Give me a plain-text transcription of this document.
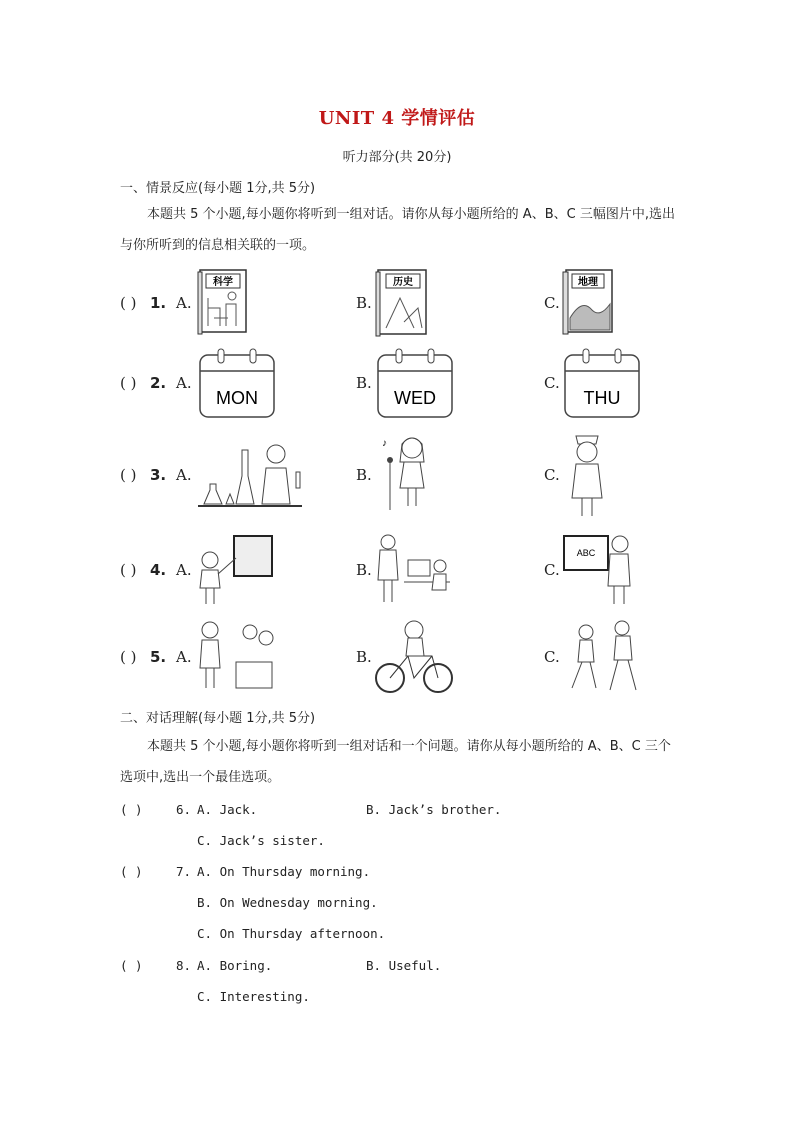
UNIT 4 学情评估
听力部分(共 20分)
一、情景反应(每小题 1分,共 5分)
本题共 5 个小题,每小题你将听到一组对话。请你从每小题所给的 A、B、C 三幅图片中,选出与你所听到的信息相关联的一项。
( ) 1. A.	B.	C.
科学	历史	地理
( ) 2. A.	B.	C.
MON	WED	THU
( ) 3. A.	B.	C.
♪
( ) 4. A.	B.	C.
ABC
( ) 5. A.	B.	C.
二、对话理解(每小题 1分,共 5分)
本题共 5 个小题,每小题你将听到一组对话和一个问题。请你从每小题所给的 A、B、C 三个选项中,选出一个最佳选项。
( )	6. A. Jack.	B. Jack’s brother.
C. Jack’s sister.
( )	7. A. On Thursday morning.
B. On Wednesday morning.
C. On Thursday afternoon.
( )	8. A. Boring.	B. Useful.
C. Interesting.
